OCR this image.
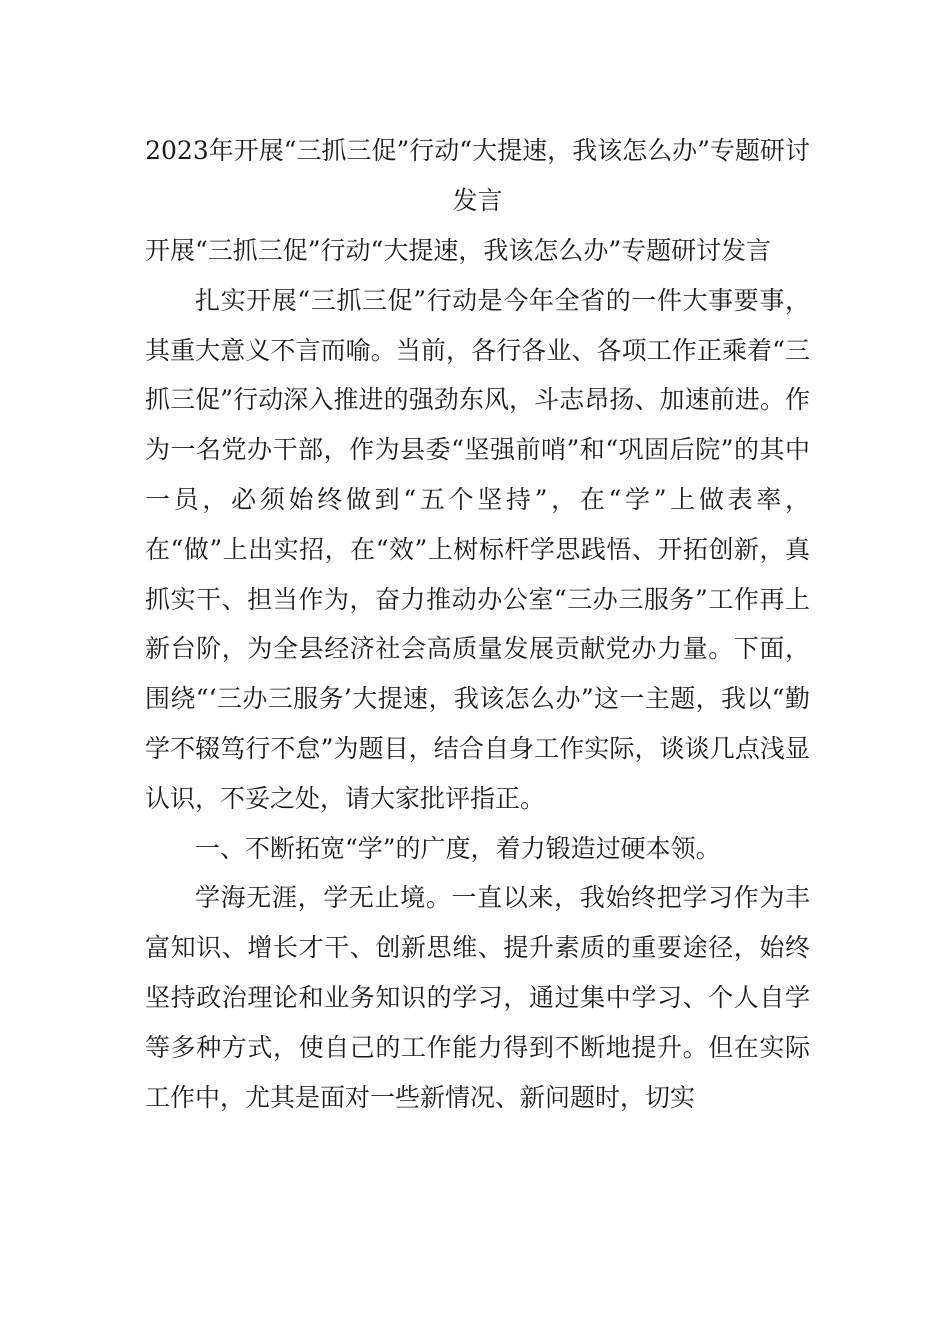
2023年开展“三抓三促”行动“大提速，我该怎么办”专题研讨发言

开展“三抓三促”行动“大提速，我该怎么办”专题研讨发言

扎实开展“三抓三促”行动是今年全省的一件大事要事，其重大意义不言而喻。当前，各行各业、各项工作正乘着“三抓三促”行动深入推进的强劲东风，斗志昂扬、加速前进。作为一名党办干部，作为县委“坚强前哨”和“巩固后院”的其中一员，必须始终做到“五个坚持”，在“学”上做表率，在“做”上出实招，在“效”上树标杆学思践悟、开拓创新，真抓实干、担当作为，奋力推动办公室“三办三服务”工作再上新台阶，为全县经济社会高质量发展贡献党办力量。下面，围绕“‘三办三服务’大提速，我该怎么办”这一主题，我以“勤学不辍笃行不怠”为题目，结合自身工作实际，谈谈几点浅显认识，不妥之处，请大家批评指正。

一、不断拓宽“学”的广度，着力锻造过硬本领。

学海无涯，学无止境。一直以来，我始终把学习作为丰富知识、增长才干、创新思维、提升素质的重要途径，始终坚持政治理论和业务知识的学习，通过集中学习、个人自学等多种方式，使自己的工作能力得到不断地提升。但在实际工作中，尤其是面对一些新情况、新问题时，切实
